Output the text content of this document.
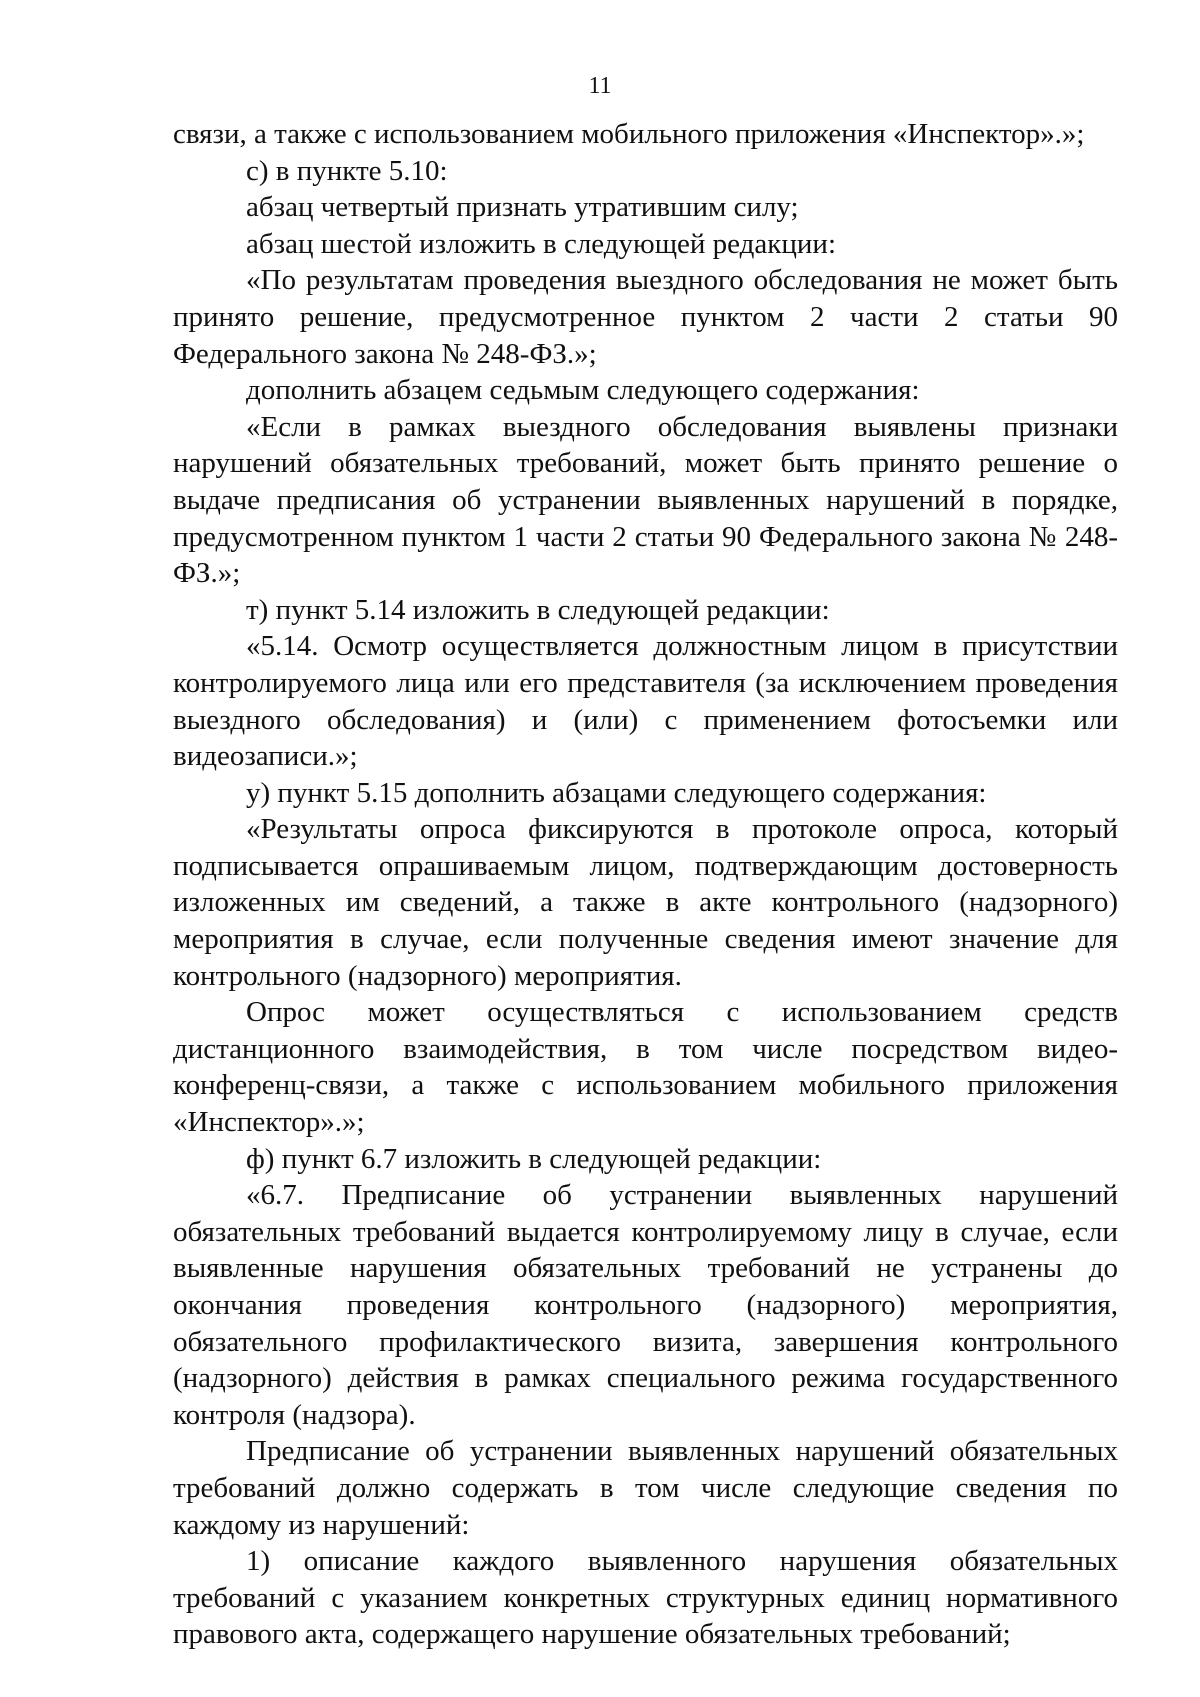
11

связи, а также с использованием мобильного приложения «Инспектор».»;

с) в пункте 5.10:

абзац четвертый признать утратившим силу;

абзац шестой изложить в следующей редакции:

«По результатам проведения выездного обследования не может быть принято решение, предусмотренное пунктом 2 части 2 статьи 90 Федерального закона № 248-ФЗ.»;

дополнить абзацем седьмым следующего содержания:

«Если в рамках выездного обследования выявлены признаки нарушений обязательных требований, может быть принято решение о выдаче предписания об устранении выявленных нарушений в порядке, предусмотренном пунктом 1 части 2 статьи 90 Федерального закона № 248-ФЗ.»;

т) пункт 5.14 изложить в следующей редакции:

«5.14. Осмотр осуществляется должностным лицом в присутствии контролируемого лица или его представителя (за исключением проведения выездного обследования) и (или) с применением фотосъемки или видеозаписи.»;

у) пункт 5.15 дополнить абзацами следующего содержания:

«Результаты опроса фиксируются в протоколе опроса, который подписывается опрашиваемым лицом, подтверждающим достоверность изложенных им сведений, а также в акте контрольного (надзорного) мероприятия в случае, если полученные сведения имеют значение для контрольного (надзорного) мероприятия.

Опрос может осуществляться с использованием средств дистанционного взаимодействия, в том числе посредством видео-конференц-связи, а также с использованием мобильного приложения «Инспектор».»;

ф) пункт 6.7 изложить в следующей редакции:

«6.7. Предписание об устранении выявленных нарушений обязательных требований выдается контролируемому лицу в случае, если выявленные нарушения обязательных требований не устранены до окончания проведения контрольного (надзорного) мероприятия, обязательного профилактического визита, завершения контрольного (надзорного) действия в рамках специального режима государственного контроля (надзора).

Предписание об устранении выявленных нарушений обязательных требований должно содержать в том числе следующие сведения по каждому из нарушений:

1) описание каждого выявленного нарушения обязательных требований с указанием конкретных структурных единиц нормативного правового акта, содержащего нарушение обязательных требований;
